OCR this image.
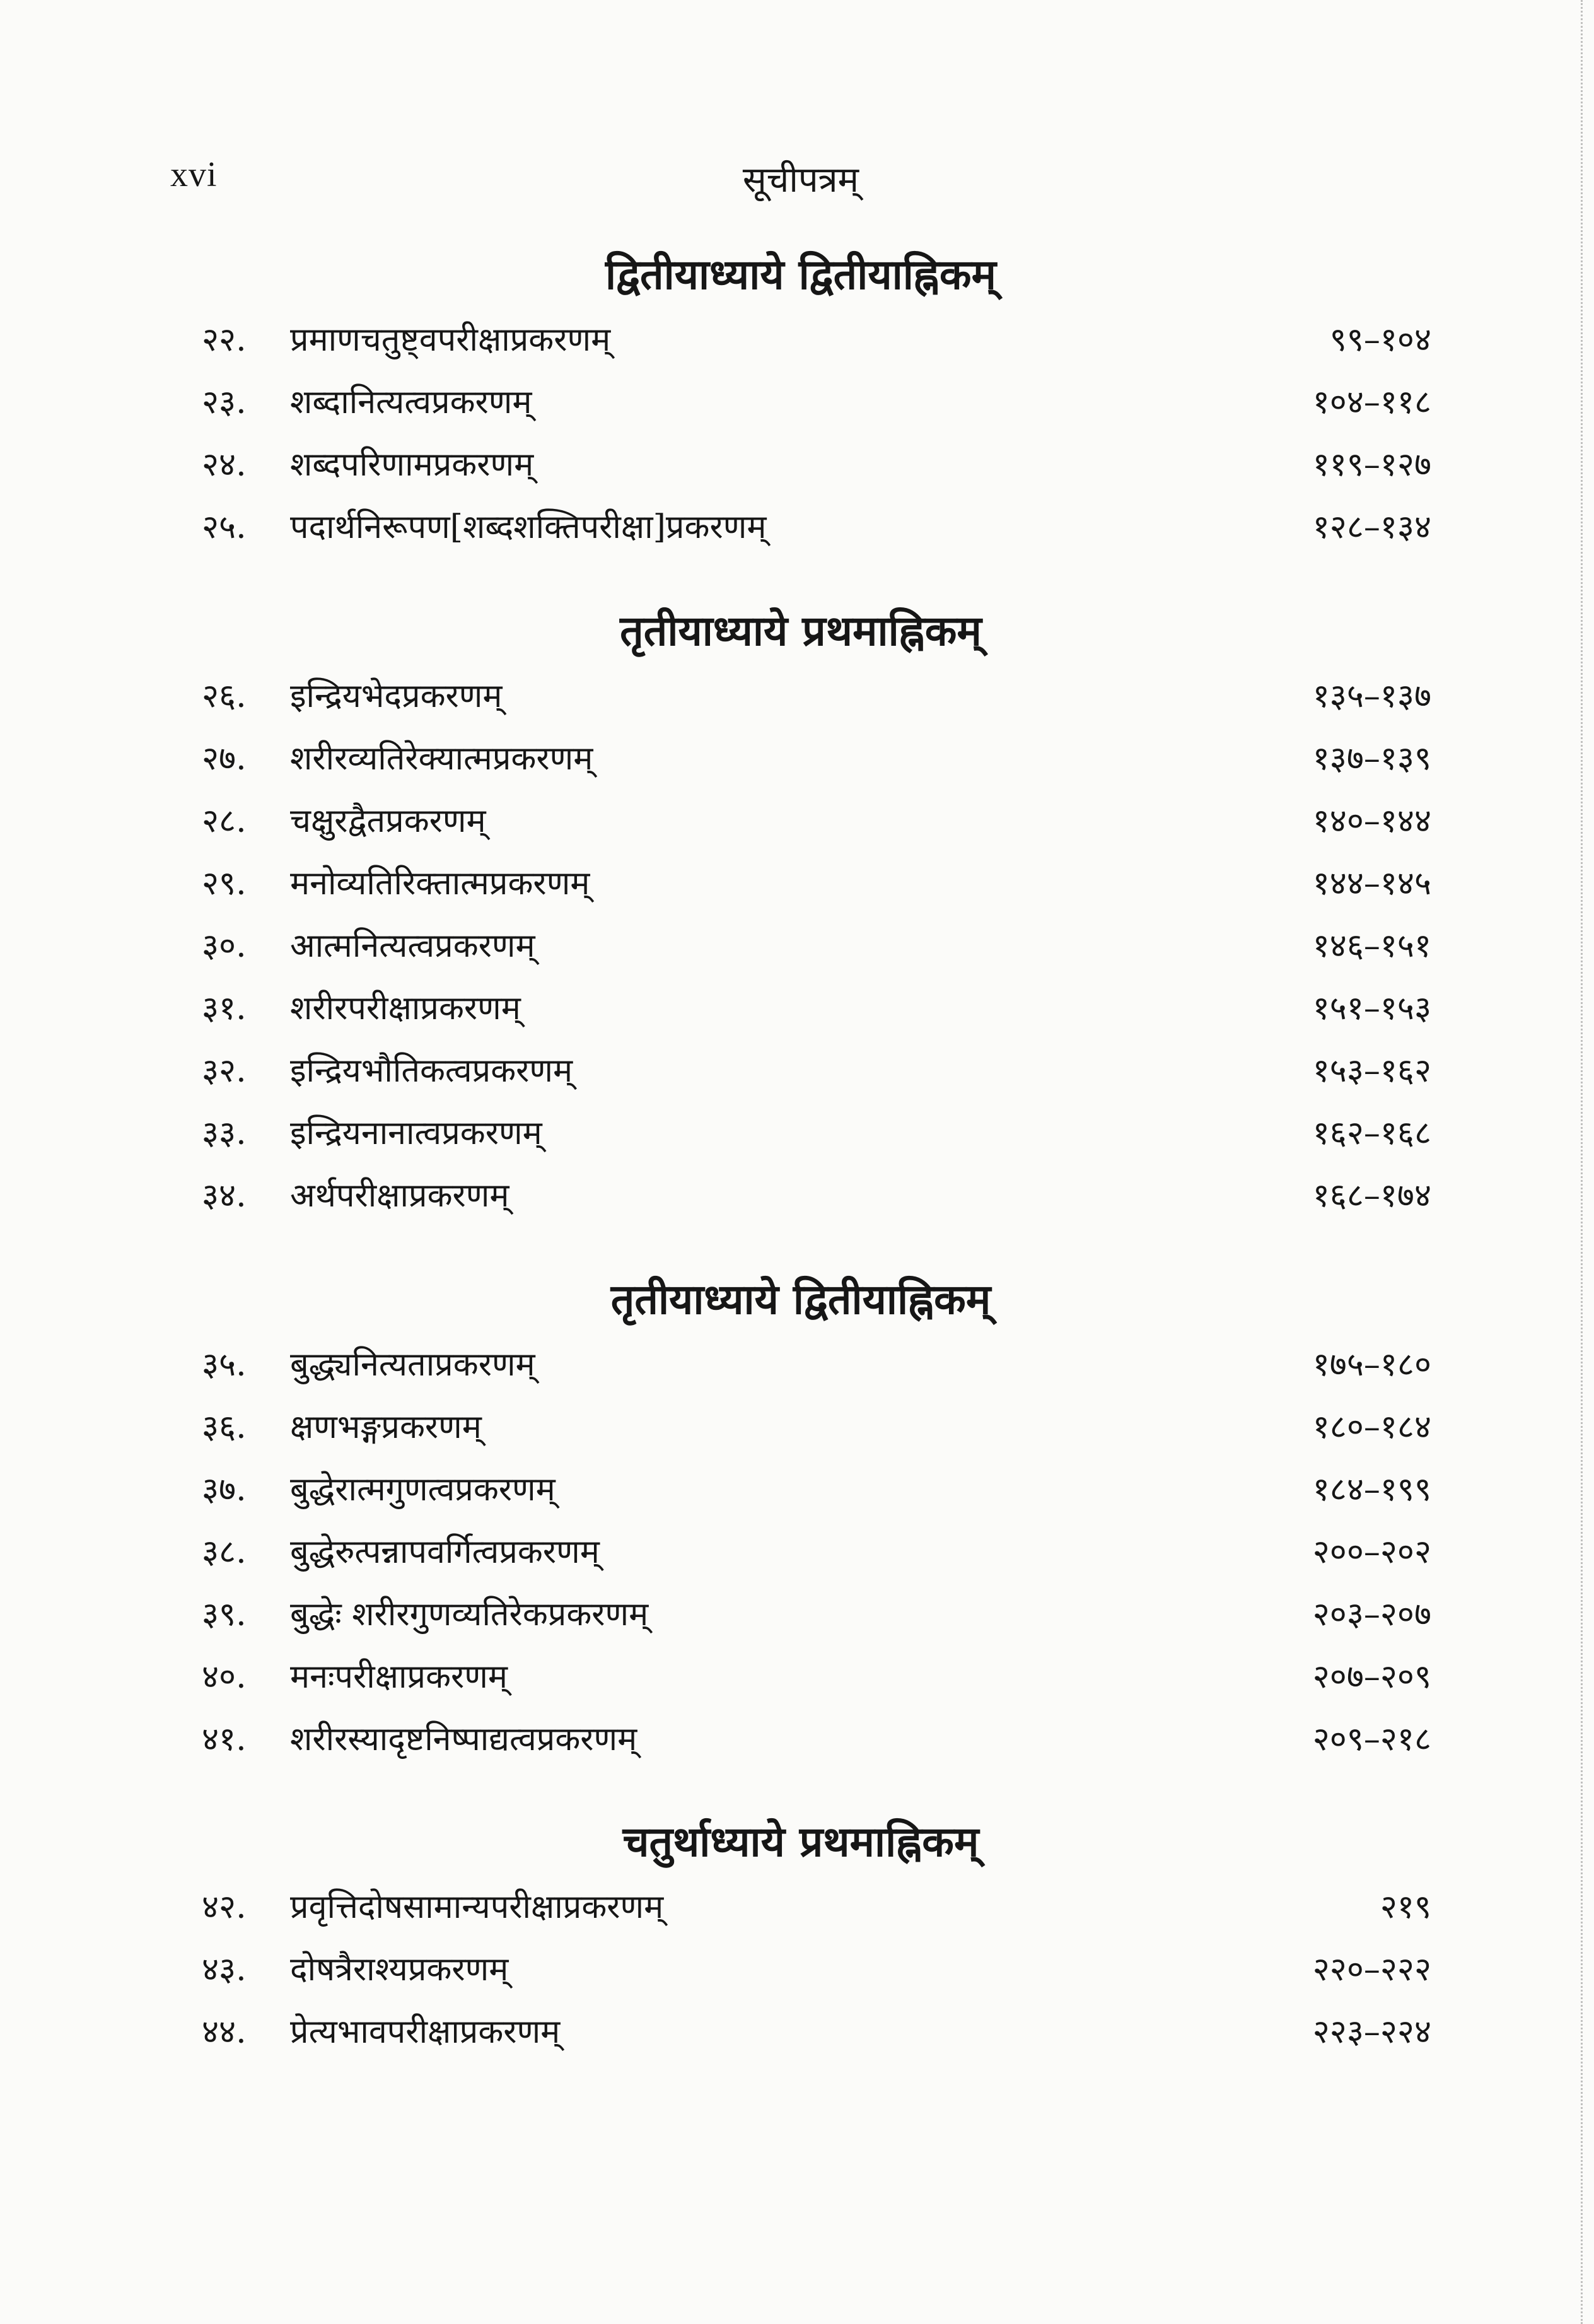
xvi	सूचीपत्रम्
द्वितीयाध्याये द्वितीयाह्निकम्
२२.	प्रमाणचतुष्ट्वपरीक्षाप्रकरणम्	९९–१०४
२३.	शब्दानित्यत्वप्रकरणम्	१०४–११८
२४.	शब्दपरिणामप्रकरणम्	११९–१२७
२५.	पदार्थनिरूपण[शब्दशक्तिपरीक्षा]प्रकरणम्	१२८–१३४
तृतीयाध्याये प्रथमाह्निकम्
२६.	इन्द्रियभेदप्रकरणम्	१३५–१३७
२७.	शरीरव्यतिरेक्यात्मप्रकरणम्	१३७–१३९
२८.	चक्षुरद्वैतप्रकरणम्	१४०–१४४
२९.	मनोव्यतिरिक्तात्मप्रकरणम्	१४४–१४५
३०.	आत्मनित्यत्वप्रकरणम्	१४६–१५१
३१.	शरीरपरीक्षाप्रकरणम्	१५१–१५३
३२.	इन्द्रियभौतिकत्वप्रकरणम्	१५३–१६२
३३.	इन्द्रियनानात्वप्रकरणम्	१६२–१६८
३४.	अर्थपरीक्षाप्रकरणम्	१६८–१७४
तृतीयाध्याये द्वितीयाह्निकम्
३५.	बुद्ध्यनित्यताप्रकरणम्	१७५–१८०
३६.	क्षणभङ्गप्रकरणम्	१८०–१८४
३७.	बुद्धेरात्मगुणत्वप्रकरणम्	१८४–१९९
३८.	बुद्धेरुत्पन्नापवर्गित्वप्रकरणम्	२००–२०२
३९.	बुद्धेः शरीरगुणव्यतिरेकप्रकरणम्	२०३–२०७
४०.	मनःपरीक्षाप्रकरणम्	२०७–२०९
४१.	शरीरस्यादृष्टनिष्पाद्यत्वप्रकरणम्	२०९–२१८
चतुर्थाध्याये प्रथमाह्निकम्
४२.	प्रवृत्तिदोषसामान्यपरीक्षाप्रकरणम्	२१९
४३.	दोषत्रैराश्यप्रकरणम्	२२०–२२२
४४.	प्रेत्यभावपरीक्षाप्रकरणम्	२२३–२२४
